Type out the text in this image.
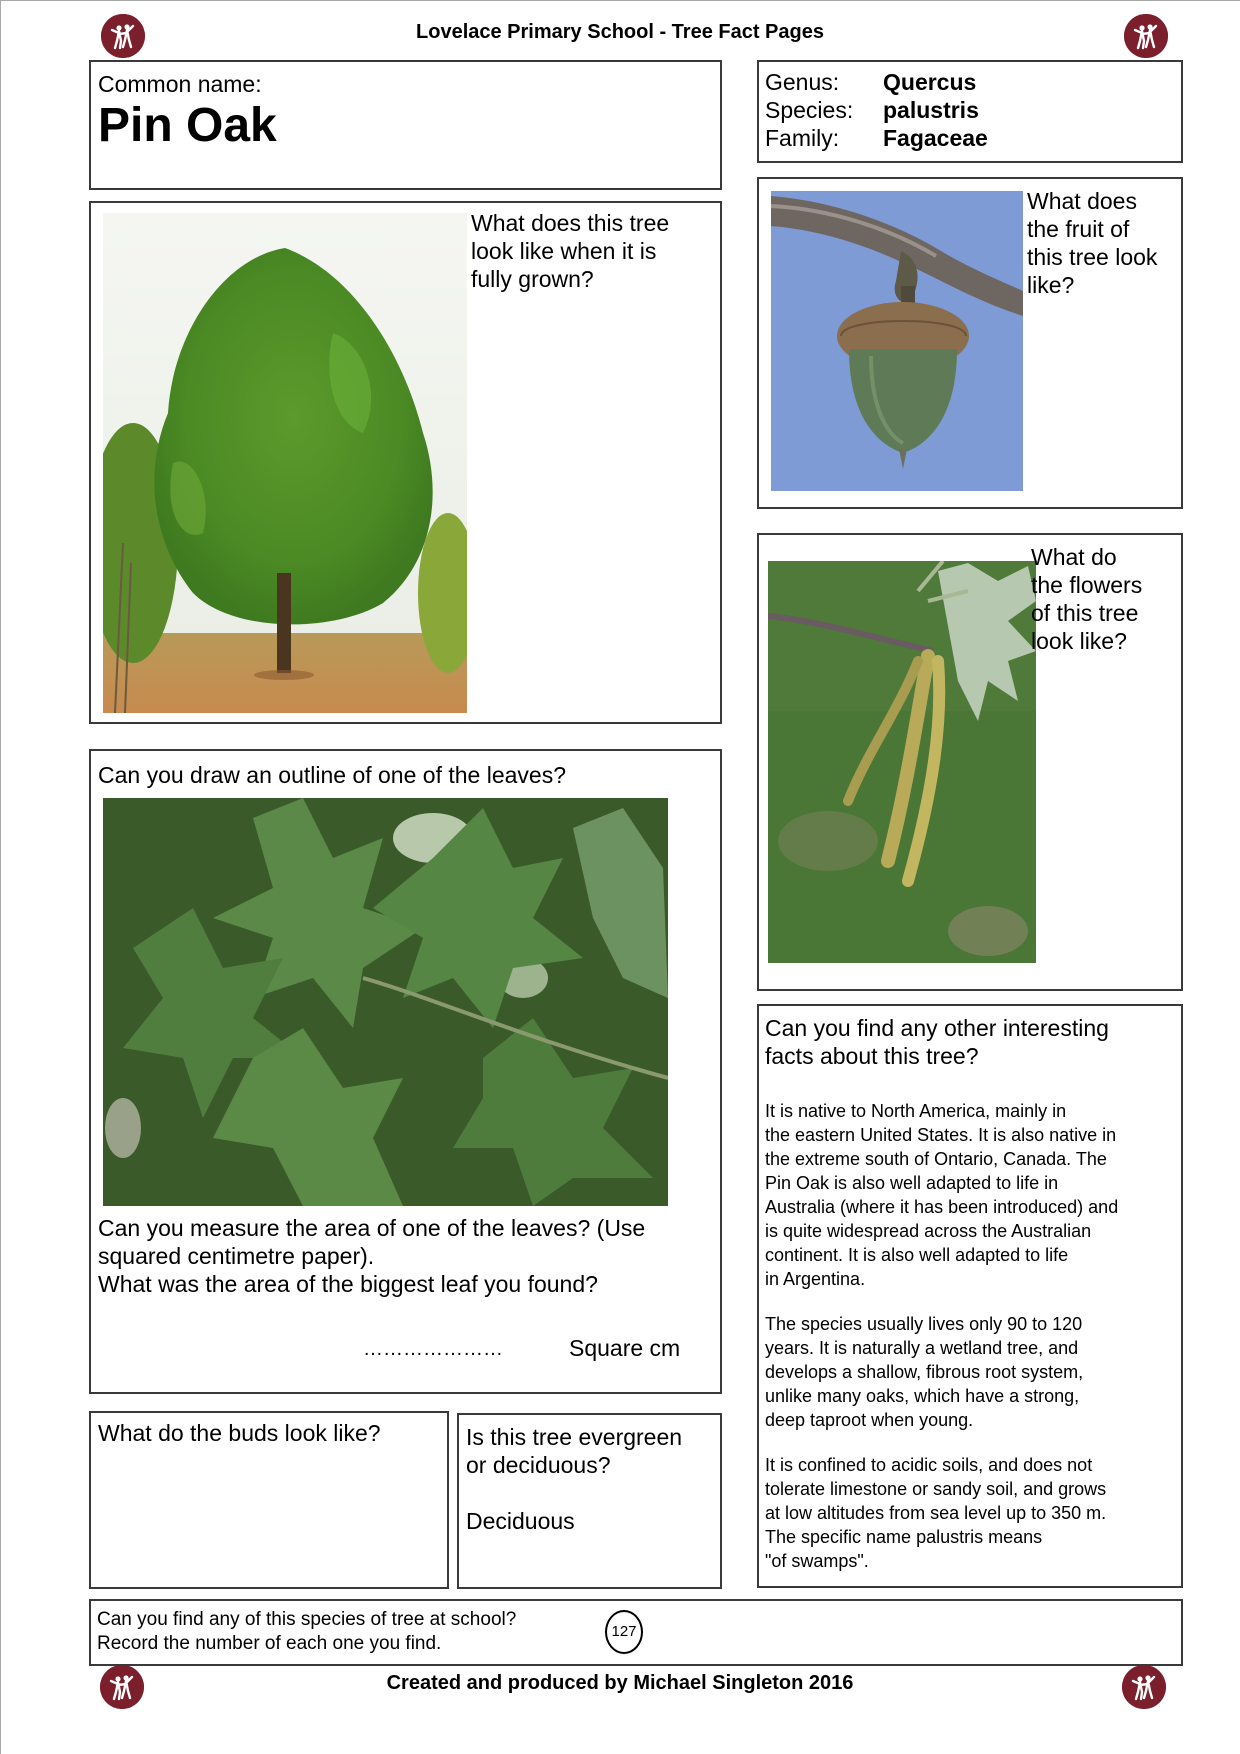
Lovelace Primary School - Tree Fact Pages
Common name:
Pin Oak
Genus: Quercus
Species: palustris
Family: Fagaceae
What does this tree
look like when it is
fully grown?
What does
the fruit of
this tree look
like?
What do
the flowers
of this tree
look like?
Can you draw an outline of one of the leaves?
Can you measure the area of one of the leaves? (Use
squared centimetre paper).
What was the area of the biggest leaf you found?
…………………	Square cm
Can you find any other interesting
facts about this tree?

It is native to North America, mainly in
the eastern United States. It is also native in
the extreme south of Ontario, Canada. The
Pin Oak is also well adapted to life in
Australia (where it has been introduced) and
is quite widespread across the Australian
continent. It is also well adapted to life
in Argentina.

The species usually lives only 90 to 120
years. It is naturally a wetland tree, and
develops a shallow, fibrous root system,
unlike many oaks, which have a strong,
deep taproot when young.

It is confined to acidic soils, and does not
tolerate limestone or sandy soil, and grows
at low altitudes from sea level up to 350 m.
The specific name palustris means
"of swamps".

What do the buds look like?	Is this tree evergreen
or deciduous?
Deciduous
Can you find any of this species of tree at school?
Record the number of each one you find.
127
Created and produced by Michael Singleton 2016
